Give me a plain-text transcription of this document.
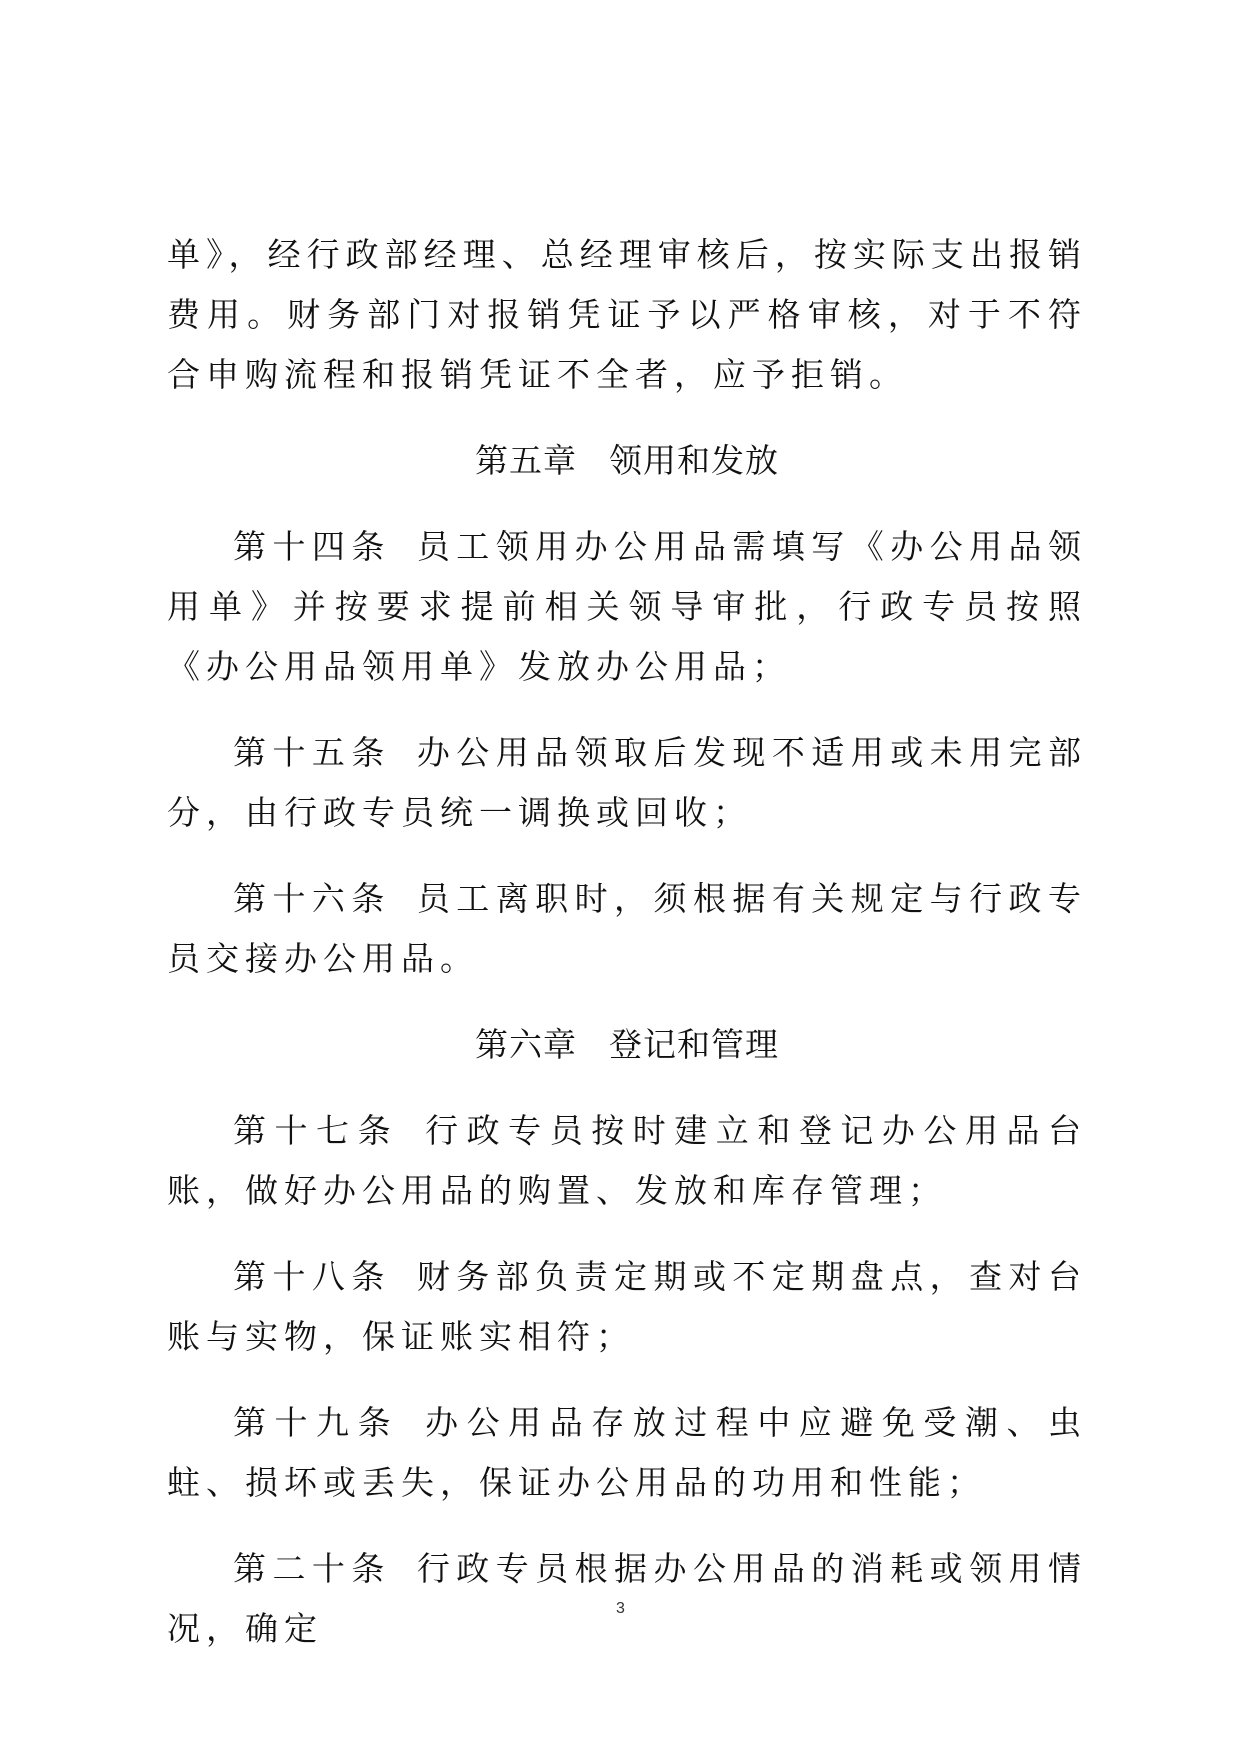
单》，经行政部经理、总经理审核后，按实际支出报销费用。财务部门对报销凭证予以严格审核，对于不符合申购流程和报销凭证不全者，应予拒销。

第五章 领用和发放

第十四条 员工领用办公用品需填写《办公用品领用单》并按要求提前相关领导审批，行政专员按照《办公用品领用单》发放办公用品；

第十五条 办公用品领取后发现不适用或未用完部分，由行政专员统一调换或回收；

第十六条 员工离职时，须根据有关规定与行政专员交接办公用品。

第六章 登记和管理

第十七条 行政专员按时建立和登记办公用品台账，做好办公用品的购置、发放和库存管理；

第十八条 财务部负责定期或不定期盘点，查对台账与实物，保证账实相符；

第十九条 办公用品存放过程中应避免受潮、虫蛀、损坏或丢失，保证办公用品的功用和性能；

第二十条 行政专员根据办公用品的消耗或领用情况，确定

3
